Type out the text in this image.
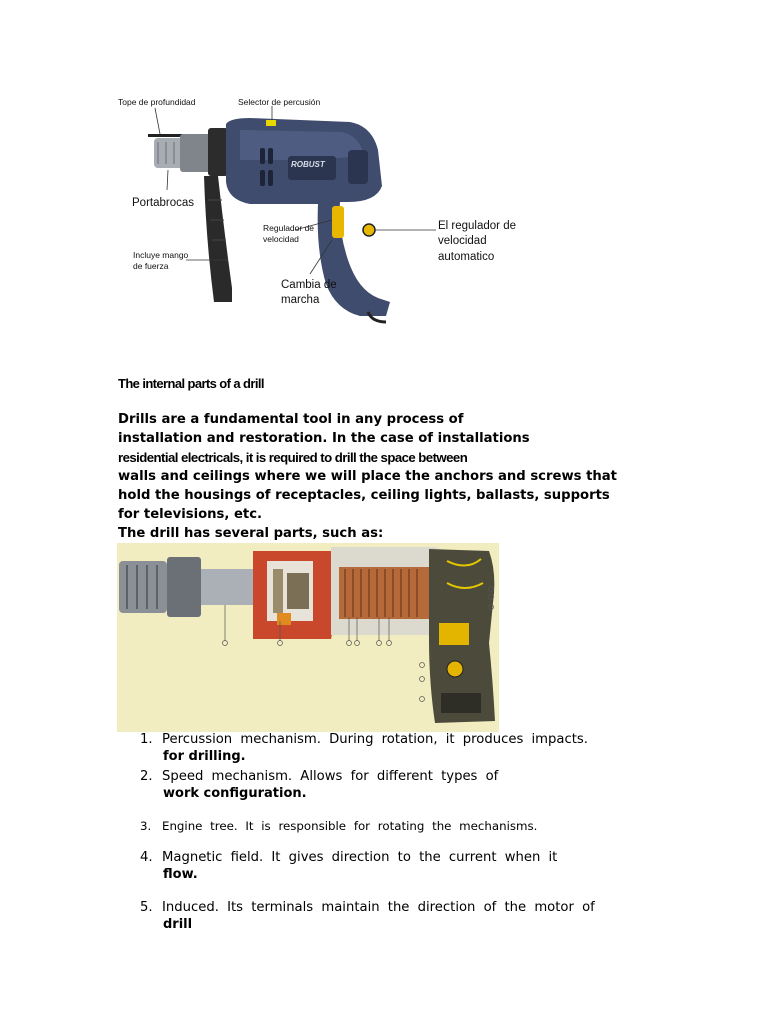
ROBUST
Tope de profundidad	Selector de percusión
Portabrocas
Regulador de
velocidad
Incluye mango
de fuerza
El regulador de
velocidad
automatico
Cambia de
marcha
The internal parts of a drill
Drills are a fundamental tool in any process of
installation and restoration. In the case of installations
residential electricals, it is required to drill the space between
walls and ceilings where we will place the anchors and screws that
hold the housings of receptacles, ceiling lights, ballasts, supports
for televisions, etc.
The drill has several parts, such as:
1. Percussion mechanism. During rotation, it produces impacts.
for drilling.
2. Speed mechanism. Allows for different types of
work configuration.
3. Engine tree. It is responsible for rotating the mechanisms.
4. Magnetic field. It gives direction to the current when it
flow.
5. Induced. Its terminals maintain the direction of the motor of
drill
